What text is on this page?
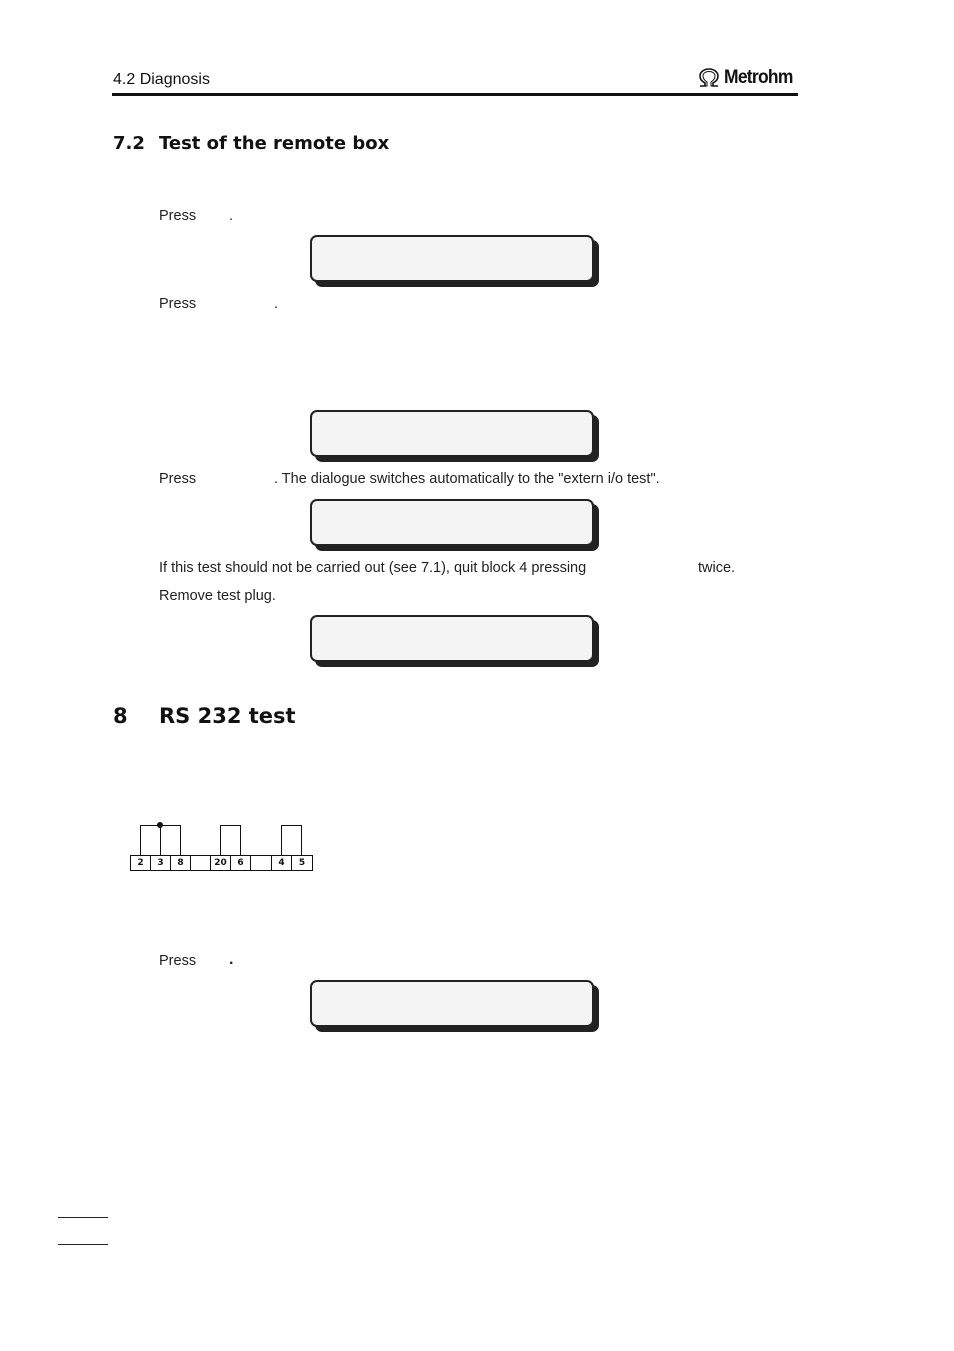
4.2 Diagnosis	Metrohm
7.2 Test of the remote box
Press .
Press	.
Press	. The dialogue switches automatically to the "extern i/o test".
If this test should not be carried out (see 7.1), quit block 4 pressing	twice.
Remove test plug.
8 RS 232 test
2	3	8	20	6	4	5
Press .
